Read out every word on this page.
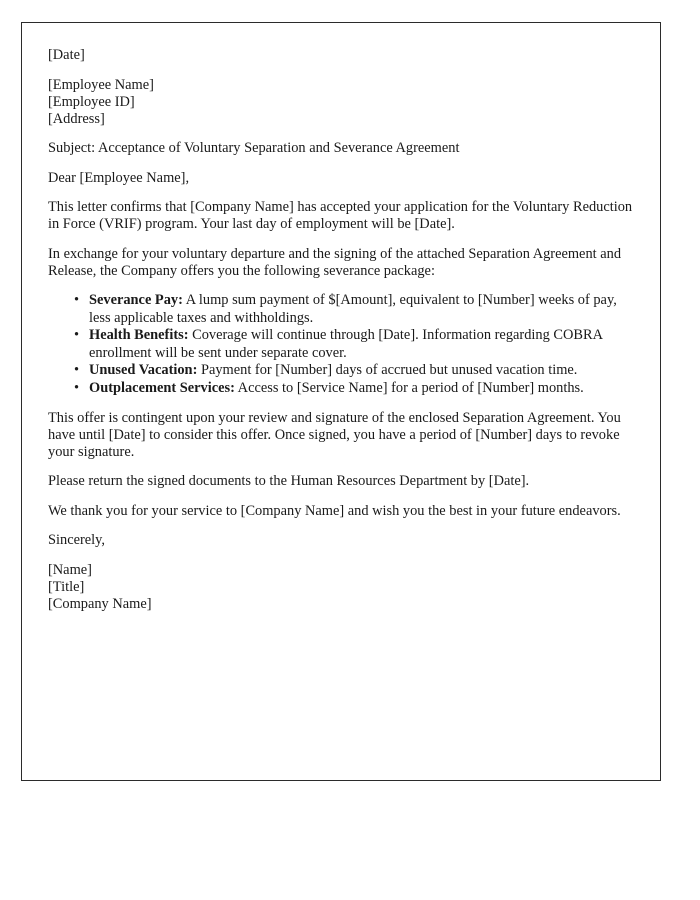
[Date]

[Employee Name]
[Employee ID]
[Address]

Subject: Acceptance of Voluntary Separation and Severance Agreement

Dear [Employee Name],

This letter confirms that [Company Name] has accepted your application for the Voluntary Reduction in Force (VRIF) program. Your last day of employment will be [Date].

In exchange for your voluntary departure and the signing of the attached Separation Agreement and Release, the Company offers you the following severance package:

• Severance Pay: A lump sum payment of $[Amount], equivalent to [Number] weeks of pay, less applicable taxes and withholdings.
• Health Benefits: Coverage will continue through [Date]. Information regarding COBRA enrollment will be sent under separate cover.
• Unused Vacation: Payment for [Number] days of accrued but unused vacation time.
• Outplacement Services: Access to [Service Name] for a period of [Number] months.

This offer is contingent upon your review and signature of the enclosed Separation Agreement. You have until [Date] to consider this offer. Once signed, you have a period of [Number] days to revoke your signature.

Please return the signed documents to the Human Resources Department by [Date].

We thank you for your service to [Company Name] and wish you the best in your future endeavors.

Sincerely,

[Name]
[Title]
[Company Name]
